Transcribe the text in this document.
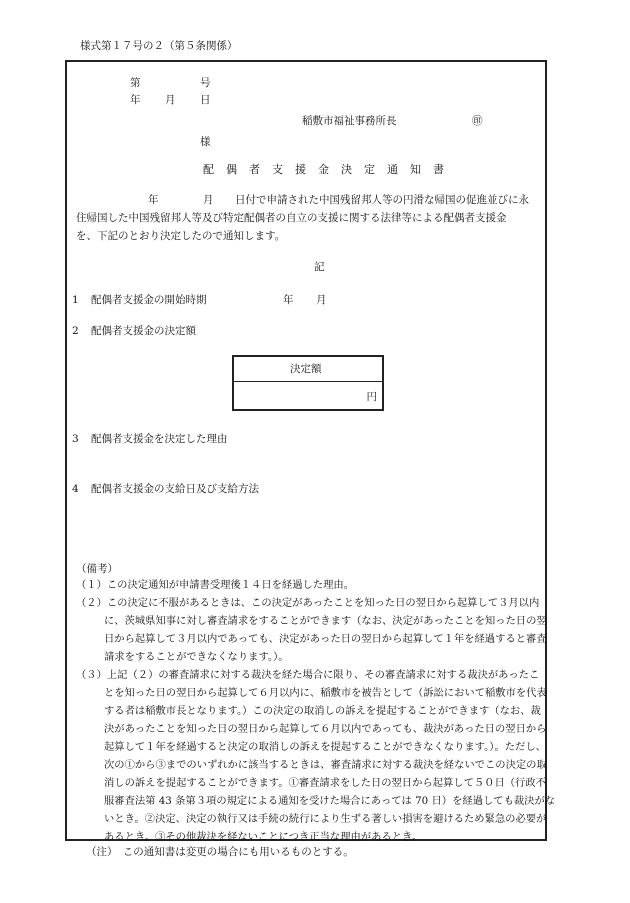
様式第１７号の２（第５条関係）
第	号
年 月 日
稲敷市福祉事務所長	㊞
様
配偶者支援金決定通知書
年	月 日付で申請された中国残留邦人等の円滑な帰国の促進並びに永
住帰国した中国残留邦人等及び特定配偶者の自立の支援に関する法律等による配偶者支援金
を、下記のとおり決定したので通知します。
記
1 配偶者支援金の開始時期	年 月
2 配偶者支援金の決定額
決定額
円
3 配偶者支援金を決定した理由
4 配偶者支援金の支給日及び支給方法
（備考）
（１）この決定通知が申請書受理後１４日を経過した理由。
（２）この決定に不服があるときは、この決定があったことを知った日の翌日から起算して３月以内
に、茨城県知事に対し審査請求をすることができます（なお、決定があったことを知った日の翌
日から起算して３月以内であっても、決定があった日の翌日から起算して１年を経過すると審査
請求をすることができなくなります。）。
（３）上記（２）の審査請求に対する裁決を経た場合に限り、その審査請求に対する裁決があったこ
とを知った日の翌日から起算して６月以内に、稲敷市を被告として（訴訟において稲敷市を代表
する者は稲敷市長となります。）この決定の取消しの訴えを提起することができます（なお、裁
決があったことを知った日の翌日から起算して６月以内であっても、裁決があった日の翌日から
起算して１年を経過すると決定の取消しの訴えを提起することができなくなります。）。ただし、
次の①から③までのいずれかに該当するときは、審査請求に対する裁決を経ないでこの決定の取
消しの訴えを提起することができます。①審査請求をした日の翌日から起算して５０日（行政不
服審査法第 43 条第３項の規定による通知を受けた場合にあっては 70 日）を経過しても裁決がな
いとき。②決定、決定の執行又は手続の続行により生ずる著しい損害を避けるため緊急の必要が
あるとき。③その他裁決を経ないことにつき正当な理由があるとき。
（注）　この通知書は変更の場合にも用いるものとする。
